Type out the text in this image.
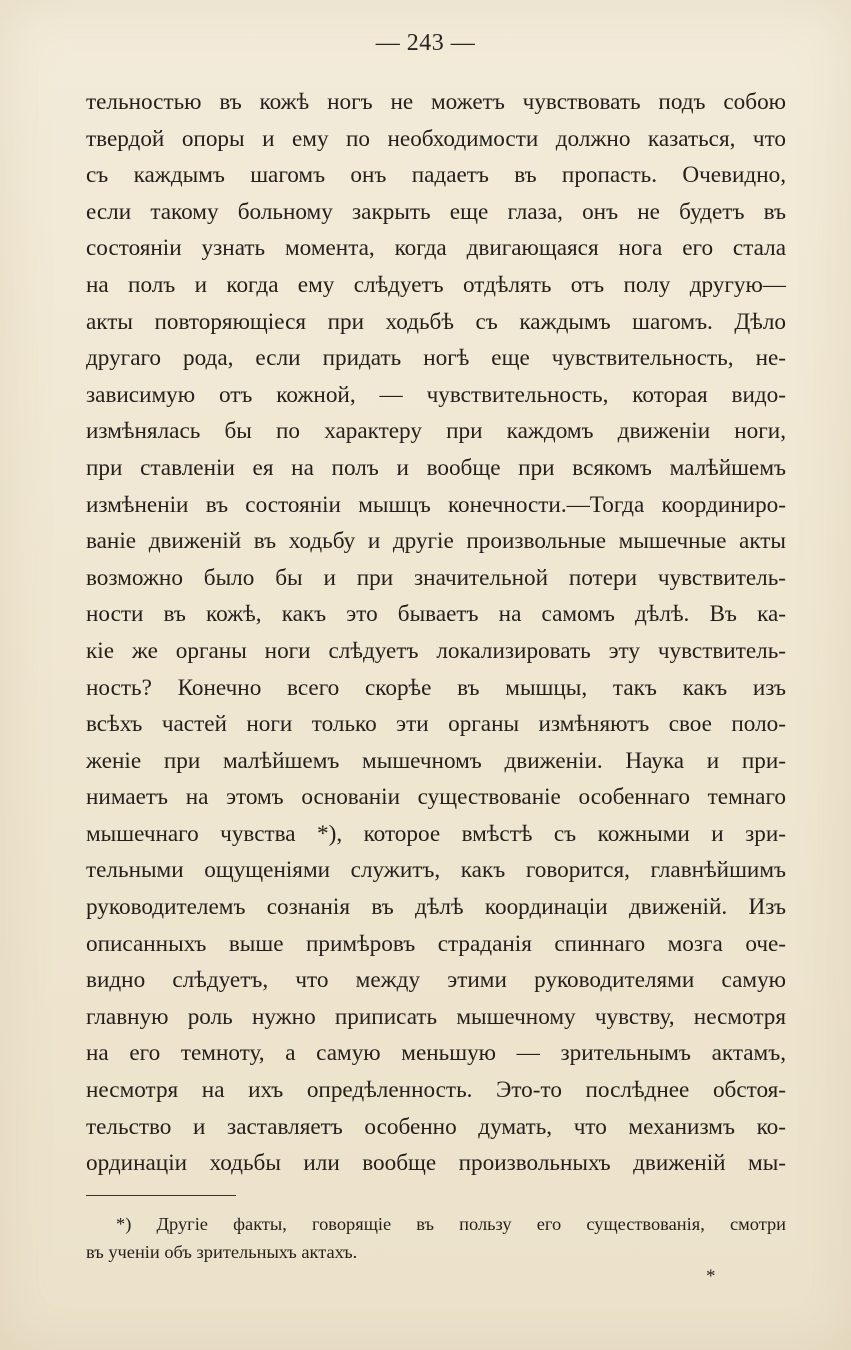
— 243 —
тельностью въ кожѣ ногъ не можетъ чувствовать подъ собою
твердой опоры и ему по необходимости должно казаться, что
съ каждымъ шагомъ онъ падаетъ въ пропасть. Очевидно,
если такому больному закрыть еще глаза, онъ не будетъ въ
состоянiи узнать момента, когда двигающаяся нога его стала
на полъ и когда ему слѣдуетъ отдѣлять отъ полу другую—
акты повторяющiеся при ходьбѣ съ каждымъ шагомъ. Дѣло
другаго рода, если придать ногѣ еще чувствительность, не-
зависимую отъ кожной, — чувствительность, которая видо-
измѣнялась бы по характеру при каждомъ движенiи ноги,
при ставленiи ея на полъ и вообще при всякомъ малѣйшемъ
измѣненiи въ состоянiи мышцъ конечности.—Тогда координиро-
ванiе движенiй въ ходьбу и другiе произвольные мышечные акты
возможно было бы и при значительной потери чувствитель-
ности въ кожѣ, какъ это бываетъ на самомъ дѣлѣ. Въ ка-
кiе же органы ноги слѣдуетъ локализировать эту чувствитель-
ность? Конечно всего скорѣе въ мышцы, такъ какъ изъ
всѣхъ частей ноги только эти органы измѣняютъ свое поло-
женiе при малѣйшемъ мышечномъ движенiи. Наука и при-
нимаетъ на этомъ основанiи существованiе особеннаго темнаго
мышечнаго чувства *), которое вмѣстѣ съ кожными и зри-
тельными ощущенiями служитъ, какъ говорится, главнѣйшимъ
руководителемъ сознанiя въ дѣлѣ координацiи движенiй. Изъ
описанныхъ выше примѣровъ страданiя спиннаго мозга оче-
видно слѣдуетъ, что между этими руководителями самую
главную роль нужно приписать мышечному чувству, несмотря
на его темноту, а самую меньшую — зрительнымъ актамъ,
несмотря на ихъ опредѣленность. Это-то послѣднее обстоя-
тельство и заставляетъ особенно думать, что механизмъ ко-
ординацiи ходьбы или вообще произвольныхъ движенiй мы-
*) Другiе факты, говорящiе въ пользу его существованiя, смотри
въ ученiи объ зрительныхъ актахъ.
*
